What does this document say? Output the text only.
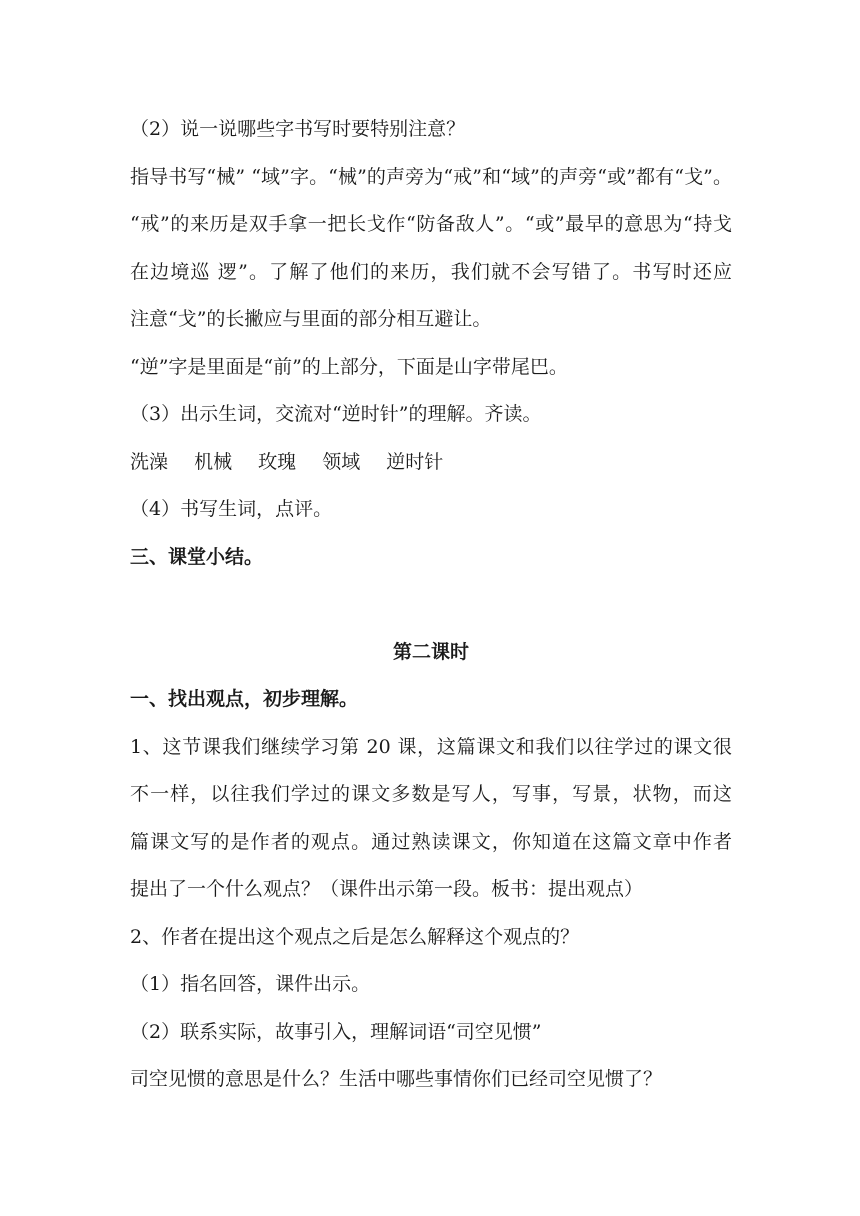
（2）说一说哪些字书写时要特别注意？

指导书写“械” “域”字。“械”的声旁为“戒”和“域”的声旁“或”都有“戈”。

“戒”的来历是双手拿一把长戈作“防备敌人”。“或”最早的意思为“持戈

在边境巡 逻”。了解了他们的来历，我们就不会写错了。书写时还应

注意“戈”的长撇应与里面的部分相互避让。

“逆”字是里面是“前”的上部分，下面是山字带尾巴。

（3）出示生词，交流对“逆时针”的理解。齐读。

洗澡 机械 玫瑰 领域 逆时针

（4）书写生词，点评。

三、课堂小结。

第二课时

一、找出观点，初步理解。

1、这节课我们继续学习第 20 课，这篇课文和我们以往学过的课文很

不一样，以往我们学过的课文多数是写人，写事，写景，状物，而这

篇课文写的是作者的观点。通过熟读课文，你知道在这篇文章中作者

提出了一个什么观点？（课件出示第一段。板书：提出观点）

2、作者在提出这个观点之后是怎么解释这个观点的？

（1）指名回答，课件出示。

（2）联系实际，故事引入，理解词语“司空见惯”

司空见惯的意思是什么？生活中哪些事情你们已经司空见惯了？
